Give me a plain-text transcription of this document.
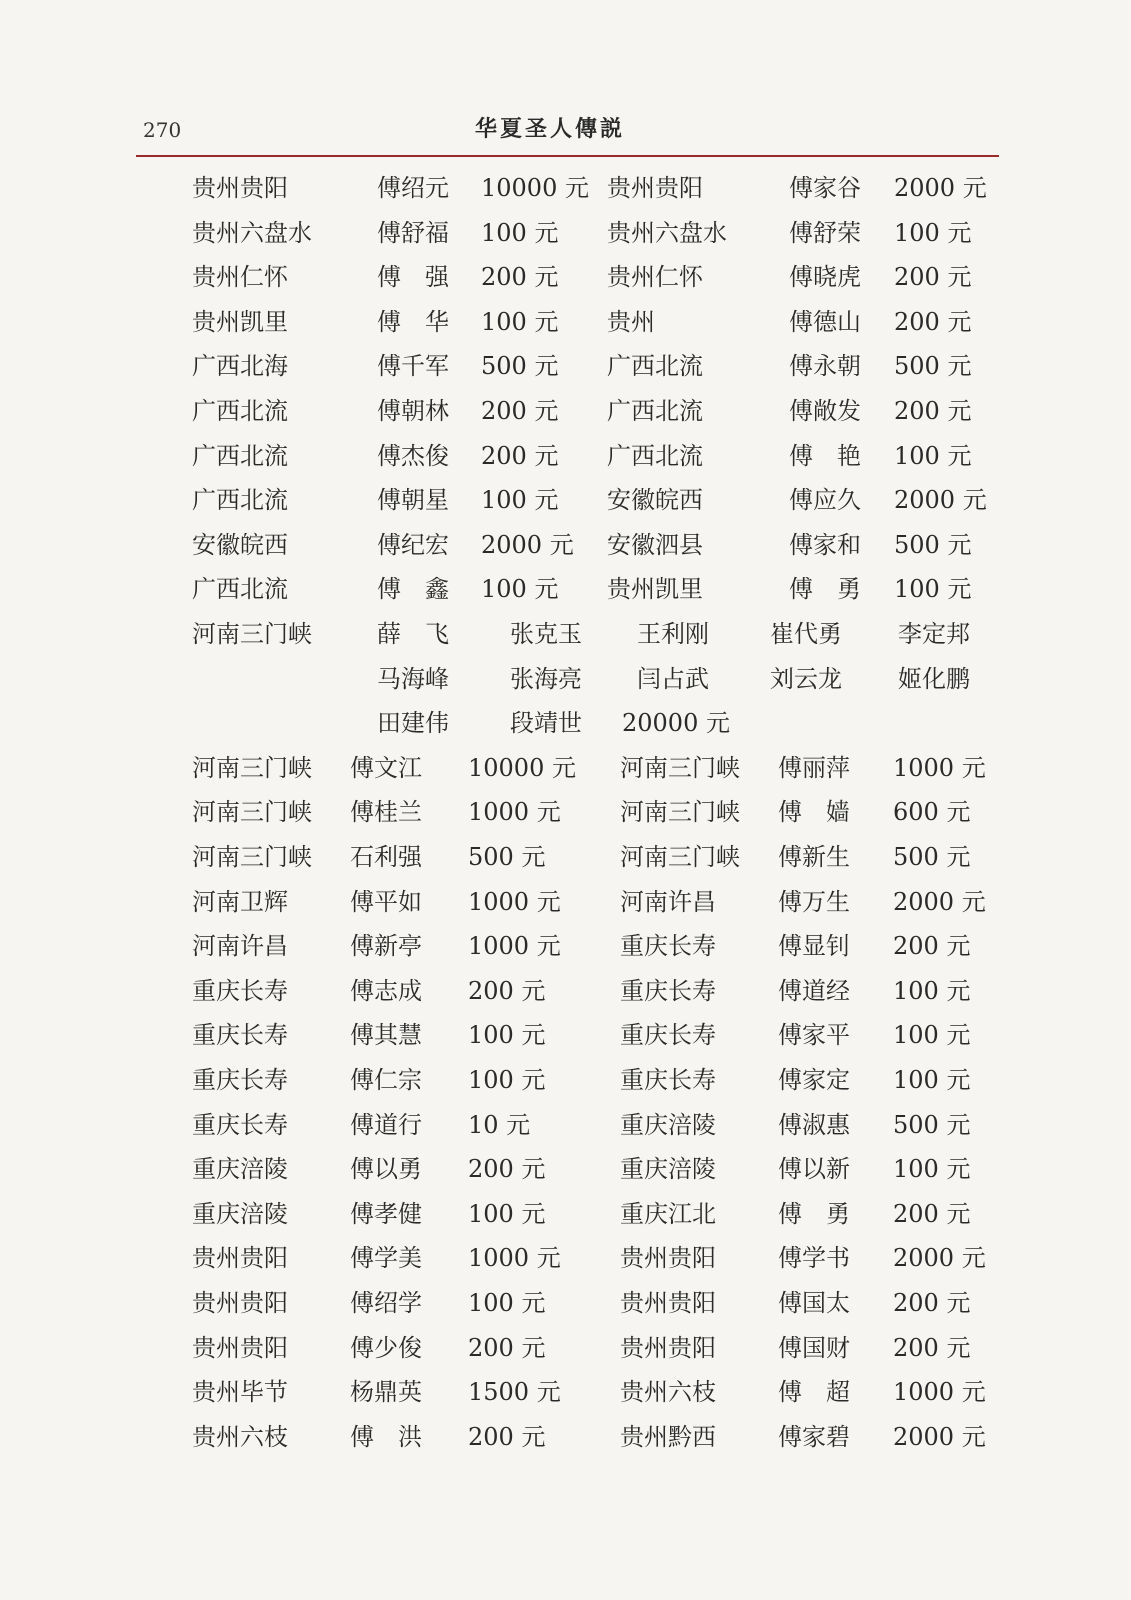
270	华夏圣人傳説
贵州贵阳	傅绍元 10000 元 贵州贵阳	傅家谷 2000 元
贵州六盘水	傅舒福 100 元 贵州六盘水	傅舒荣 100 元
贵州仁怀	傅　强 200 元 贵州仁怀	傅晓虎 200 元
贵州凯里	傅　华 100 元 贵州	傅德山 200 元
广西北海	傅千军 500 元 广西北流	傅永朝 500 元
广西北流	傅朝林 200 元 广西北流	傅敞发 200 元
广西北流	傅杰俊 200 元 广西北流	傅　艳 100 元
广西北流	傅朝星 100 元 安徽皖西	傅应久 2000 元
安徽皖西	傅纪宏 2000 元 安徽泗县	傅家和 500 元
广西北流	傅　鑫 100 元 贵州凯里	傅　勇 100 元
河南三门峡	薛　飞	张克玉 王利刚	崔代勇 李定邦
马海峰	张海亮 闫占武	刘云龙 姬化鹏
田建伟	段靖世 20000 元
河南三门峡 傅文江 10000 元 河南三门峡 傅丽萍 1000 元
河南三门峡 傅桂兰 1000 元 河南三门峡 傅　嫱 600 元
河南三门峡 石利强 500 元	河南三门峡 傅新生 500 元
河南卫辉	傅平如 1000 元 河南许昌	傅万生 2000 元
河南许昌	傅新亭 1000 元 重庆长寿	傅显钊 200 元
重庆长寿	傅志成 200 元	重庆长寿	傅道经 100 元
重庆长寿	傅其慧 100 元	重庆长寿	傅家平 100 元
重庆长寿	傅仁宗 100 元	重庆长寿	傅家定 100 元
重庆长寿	傅道行 10 元	重庆涪陵	傅淑惠 500 元
重庆涪陵	傅以勇 200 元	重庆涪陵	傅以新 100 元
重庆涪陵	傅孝健 100 元	重庆江北	傅　勇 200 元
贵州贵阳	傅学美 1000 元 贵州贵阳	傅学书 2000 元
贵州贵阳	傅绍学 100 元	贵州贵阳	傅国太 200 元
贵州贵阳	傅少俊 200 元	贵州贵阳	傅国财 200 元
贵州毕节	杨鼎英 1500 元 贵州六枝	傅　超 1000 元
贵州六枝	傅　洪 200 元	贵州黔西	傅家碧 2000 元
